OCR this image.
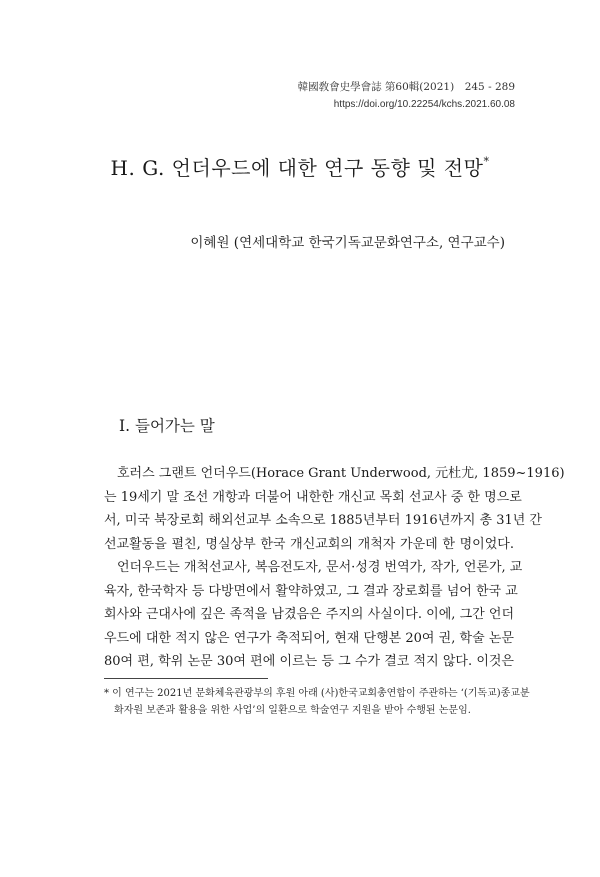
韓國敎會史學會誌 第60輯(2021)　245 - 289
https://doi.org/10.22254/kchs.2021.60.08
H. G. 언더우드에 대한 연구 동향 및 전망*
이혜원 (연세대학교 한국기독교문화연구소, 연구교수)
I. 들어가는 말
　호러스 그랜트 언더우드(Horace Grant Underwood, 元杜尤, 1859~1916)
는 19세기 말 조선 개항과 더불어 내한한 개신교 목회 선교사 중 한 명으로
서, 미국 북장로회 해외선교부 소속으로 1885년부터 1916년까지 총 31년 간
선교활동을 펼친, 명실상부 한국 개신교회의 개척자 가운데 한 명이었다.
　언더우드는 개척선교사, 복음전도자, 문서·성경 번역가, 작가, 언론가, 교
육자, 한국학자 등 다방면에서 활약하였고, 그 결과 장로회를 넘어 한국 교
회사와 근대사에 깊은 족적을 남겼음은 주지의 사실이다. 이에, 그간 언더
우드에 대한 적지 않은 연구가 축적되어, 현재 단행본 20여 권, 학술 논문
80여 편, 학위 논문 30여 편에 이르는 등 그 수가 결코 적지 않다. 이것은
* 이 연구는 2021년 문화체육관광부의 후원 아래 (사)한국교회총연합이 주관하는 ‘(기독교)종교분
화자원 보존과 활용을 위한 사업’의 일환으로 학술연구 지원을 받아 수행된 논문임.
